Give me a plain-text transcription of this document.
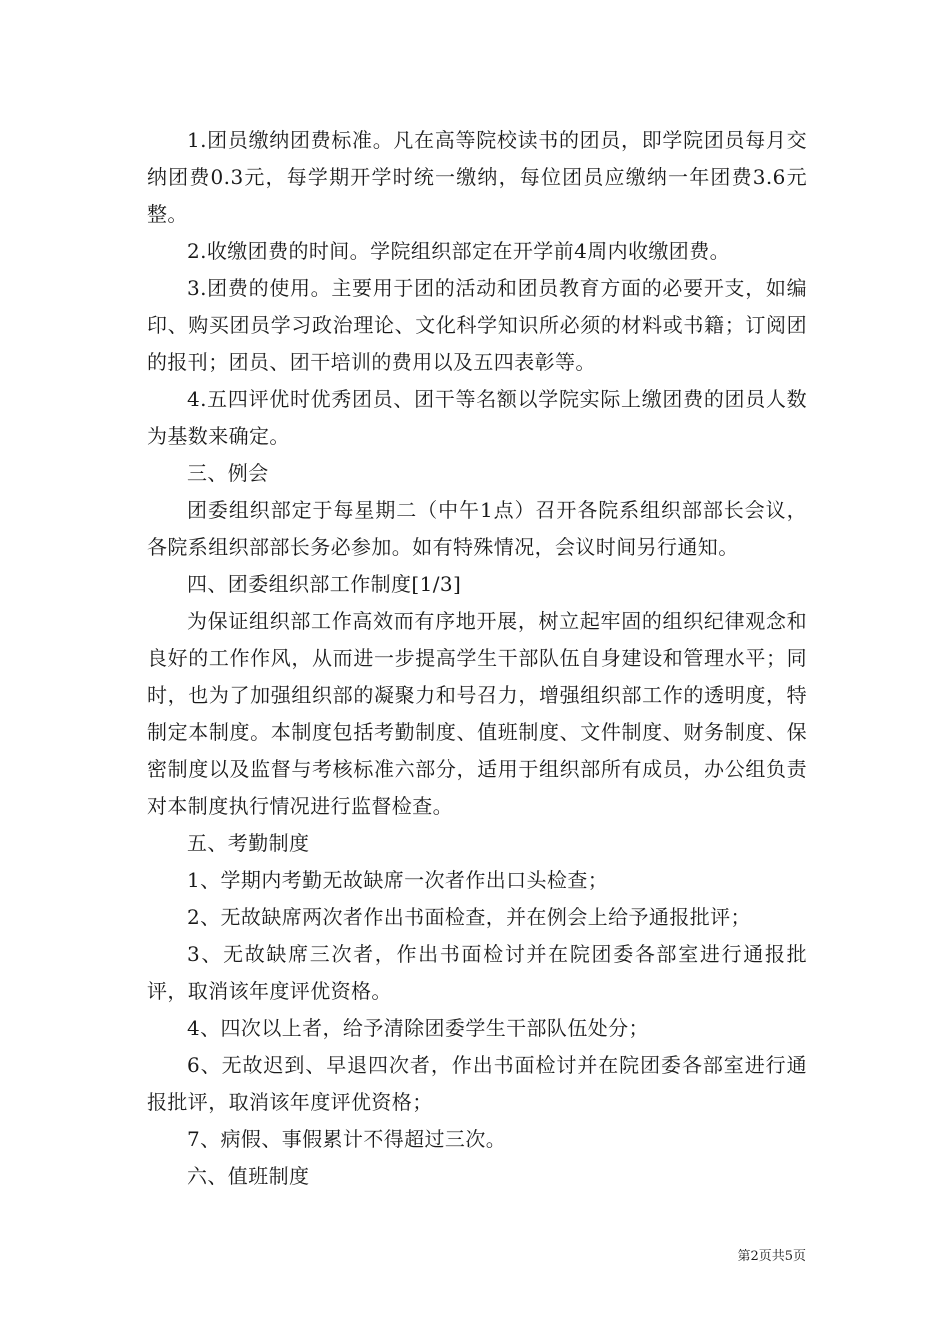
1.团员缴纳团费标准。凡在高等院校读书的团员，即学院团员每月交纳团费0.3元，每学期开学时统一缴纳，每位团员应缴纳一年团费3.6元整。

2.收缴团费的时间。学院组织部定在开学前4周内收缴团费。

3.团费的使用。主要用于团的活动和团员教育方面的必要开支，如编印、购买团员学习政治理论、文化科学知识所必须的材料或书籍；订阅团的报刊；团员、团干培训的费用以及五四表彰等。

4.五四评优时优秀团员、团干等名额以学院实际上缴团费的团员人数为基数来确定。

三、例会

团委组织部定于每星期二（中午1点）召开各院系组织部部长会议，各院系组织部部长务必参加。如有特殊情况，会议时间另行通知。

四、团委组织部工作制度[1/3]

为保证组织部工作高效而有序地开展，树立起牢固的组织纪律观念和良好的工作作风，从而进一步提高学生干部队伍自身建设和管理水平；同时，也为了加强组织部的凝聚力和号召力，增强组织部工作的透明度，特制定本制度。本制度包括考勤制度、值班制度、文件制度、财务制度、保密制度以及监督与考核标准六部分，适用于组织部所有成员，办公组负责对本制度执行情况进行监督检查。

五、考勤制度

1、学期内考勤无故缺席一次者作出口头检查；

2、无故缺席两次者作出书面检查，并在例会上给予通报批评；

3、无故缺席三次者，作出书面检讨并在院团委各部室进行通报批评，取消该年度评优资格。

4、四次以上者，给予清除团委学生干部队伍处分；

6、无故迟到、早退四次者，作出书面检讨并在院团委各部室进行通报批评，取消该年度评优资格；

7、病假、事假累计不得超过三次。

六、值班制度

第2页共5页
